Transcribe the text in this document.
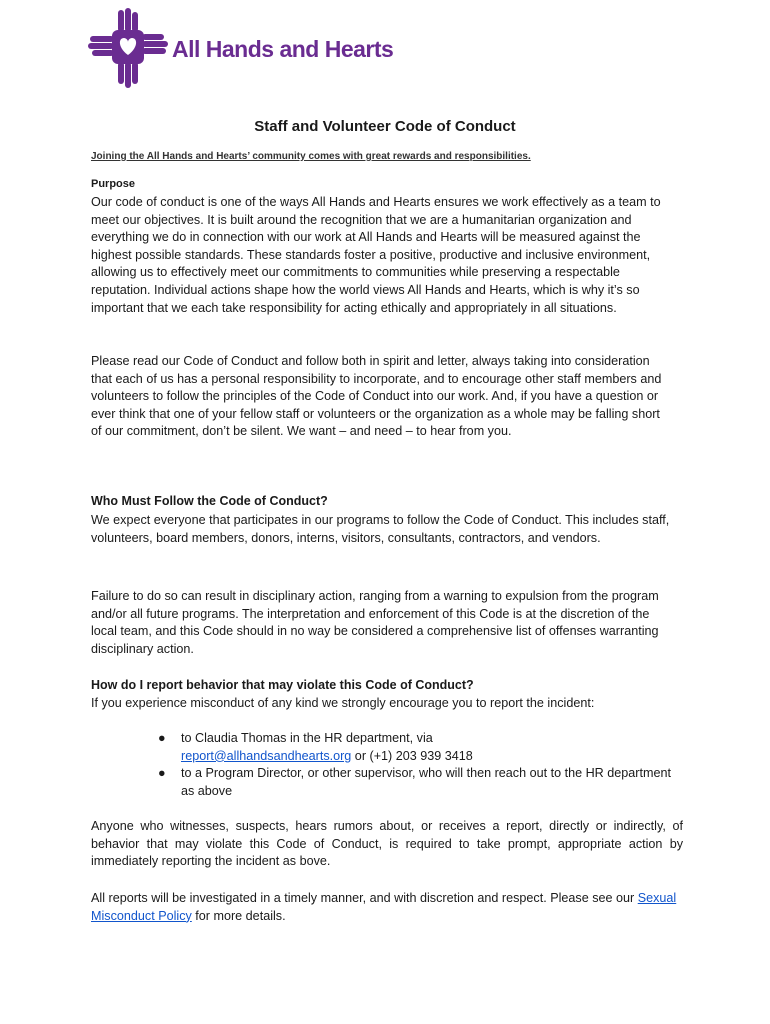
All Hands and Hearts
Staff and Volunteer Code of Conduct
Joining the All Hands and Hearts’ community comes with great rewards and responsibilities.
Purpose
Our code of conduct is one of the ways All Hands and Hearts ensures we work effectively as a team to meet our objectives. It is built around the recognition that we are a humanitarian organization and everything we do in connection with our work at All Hands and Hearts will be measured against the highest possible standards. These standards foster a positive, productive and inclusive environment, allowing us to effectively meet our commitments to communities while preserving a respectable reputation. Individual actions shape how the world views All Hands and Hearts, which is why it’s so important that we each take responsibility for acting ethically and appropriately in all situations.
Please read our Code of Conduct and follow both in spirit and letter, always taking into consideration that each of us has a personal responsibility to incorporate, and to encourage other staff members and volunteers to follow the principles of the Code of Conduct into our work. And, if you have a question or ever think that one of your fellow staff or volunteers or the organization as a whole may be falling short of our commitment, don’t be silent. We want – and need – to hear from you.
Who Must Follow the Code of Conduct?
We expect everyone that participates in our programs to follow the Code of Conduct. This includes staff, volunteers, board members, donors, interns, visitors, consultants, contractors, and vendors.
Failure to do so can result in disciplinary action, ranging from a warning to expulsion from the program and/or all future programs. The interpretation and enforcement of this Code is at the discretion of the local team, and this Code should in no way be considered a comprehensive list of offenses warranting disciplinary action.
How do I report behavior that may violate this Code of Conduct?
If you experience misconduct of any kind we strongly encourage you to report the incident:
● to Claudia Thomas in the HR department, via
report@allhandsandhearts.org or (+1) 203 939 3418
● to a Program Director, or other supervisor, who will then reach out to the HR department as above
Anyone who witnesses, suspects, hears rumors about, or receives a report, directly or indirectly, of behavior that may violate this Code of Conduct, is required to take prompt, appropriate action by immediately reporting the incident as bove.
All reports will be investigated in a timely manner, and with discretion and respect. Please see our Sexual Misconduct Policy for more details.
